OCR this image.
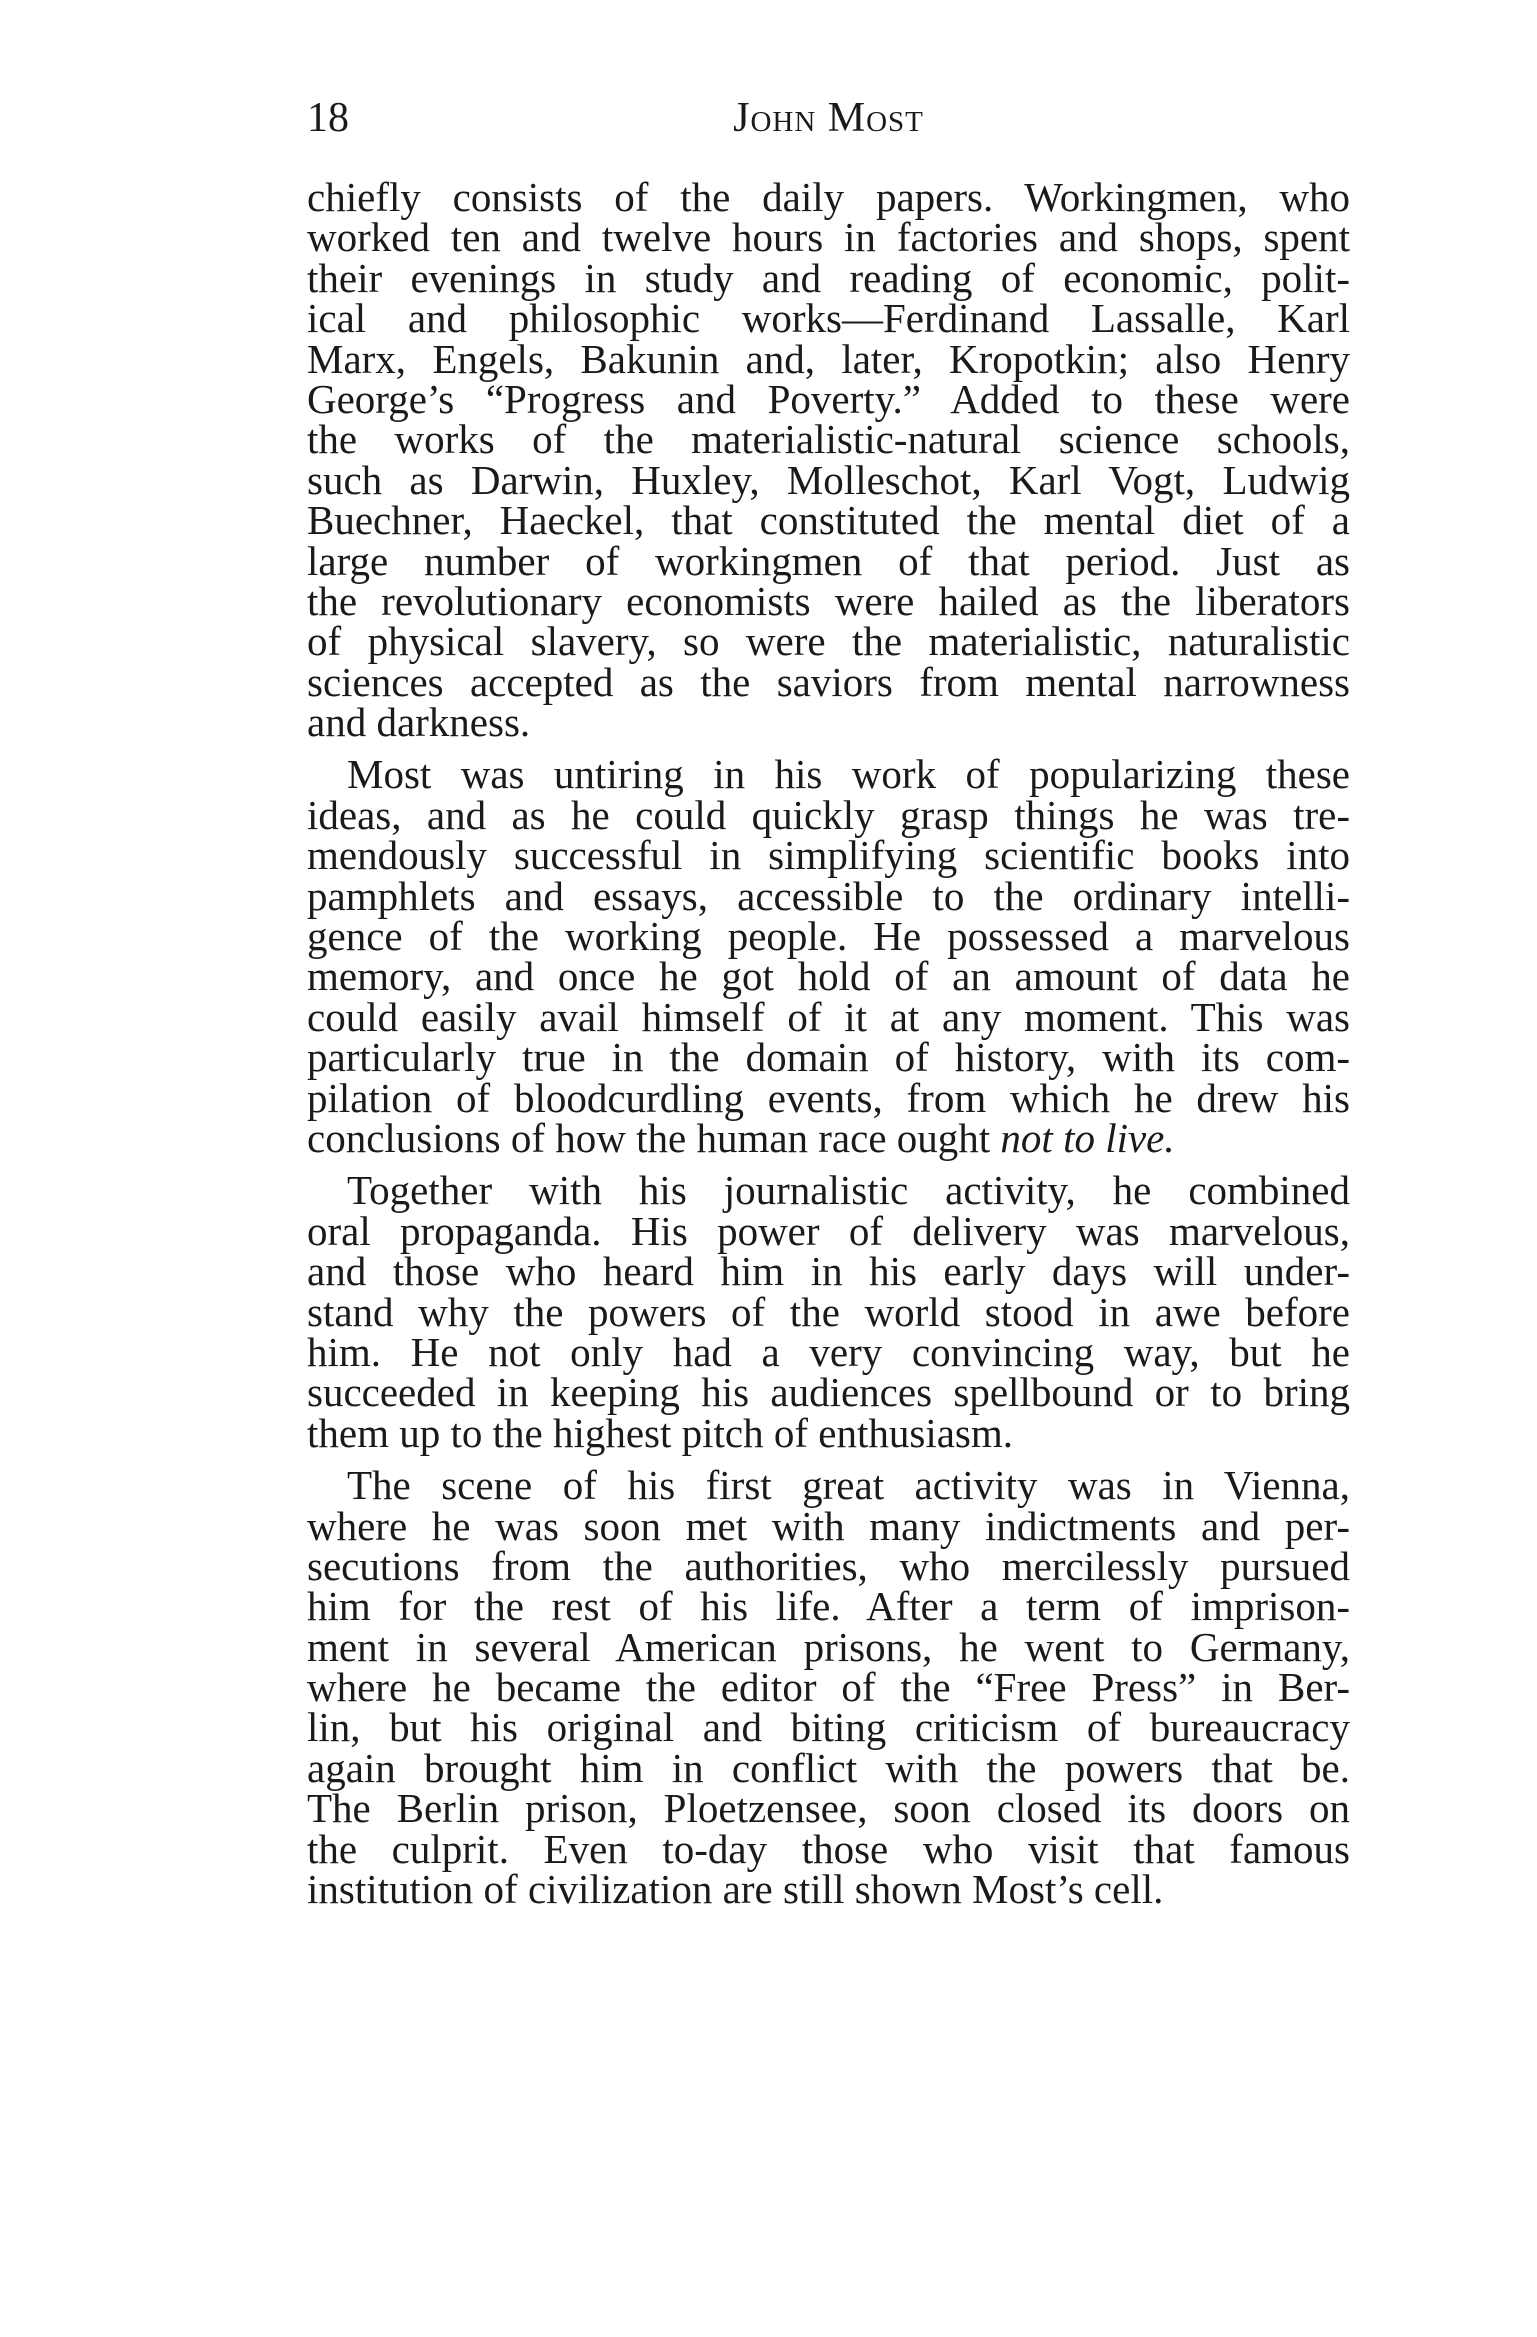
18	John Most
chiefly consists of the daily papers. Workingmen, who
worked ten and twelve hours in factories and shops, spent
their evenings in study and reading of economic, polit-
ical and philosophic works—Ferdinand Lassalle, Karl
Marx, Engels, Bakunin and, later, Kropotkin; also Henry
George’s “Progress and Poverty.” Added to these were
the works of the materialistic-natural science schools,
such as Darwin, Huxley, Molleschot, Karl Vogt, Ludwig
Buechner, Haeckel, that constituted the mental diet of a
large number of workingmen of that period. Just as
the revolutionary economists were hailed as the liberators
of physical slavery, so were the materialistic, naturalistic
sciences accepted as the saviors from mental narrowness
and darkness.
Most was untiring in his work of popularizing these
ideas, and as he could quickly grasp things he was tre-
mendously successful in simplifying scientific books into
pamphlets and essays, accessible to the ordinary intelli-
gence of the working people. He possessed a marvelous
memory, and once he got hold of an amount of data he
could easily avail himself of it at any moment. This was
particularly true in the domain of history, with its com-
pilation of bloodcurdling events, from which he drew his
conclusions of how the human race ought not to live.
Together with his journalistic activity, he combined
oral propaganda. His power of delivery was marvelous,
and those who heard him in his early days will under-
stand why the powers of the world stood in awe before
him. He not only had a very convincing way, but he
succeeded in keeping his audiences spellbound or to bring
them up to the highest pitch of enthusiasm.
The scene of his first great activity was in Vienna,
where he was soon met with many indictments and per-
secutions from the authorities, who mercilessly pursued
him for the rest of his life. After a term of imprison-
ment in several American prisons, he went to Germany,
where he became the editor of the “Free Press” in Ber-
lin, but his original and biting criticism of bureaucracy
again brought him in conflict with the powers that be.
The Berlin prison, Ploetzensee, soon closed its doors on
the culprit. Even to-day those who visit that famous
institution of civilization are still shown Most’s cell.
